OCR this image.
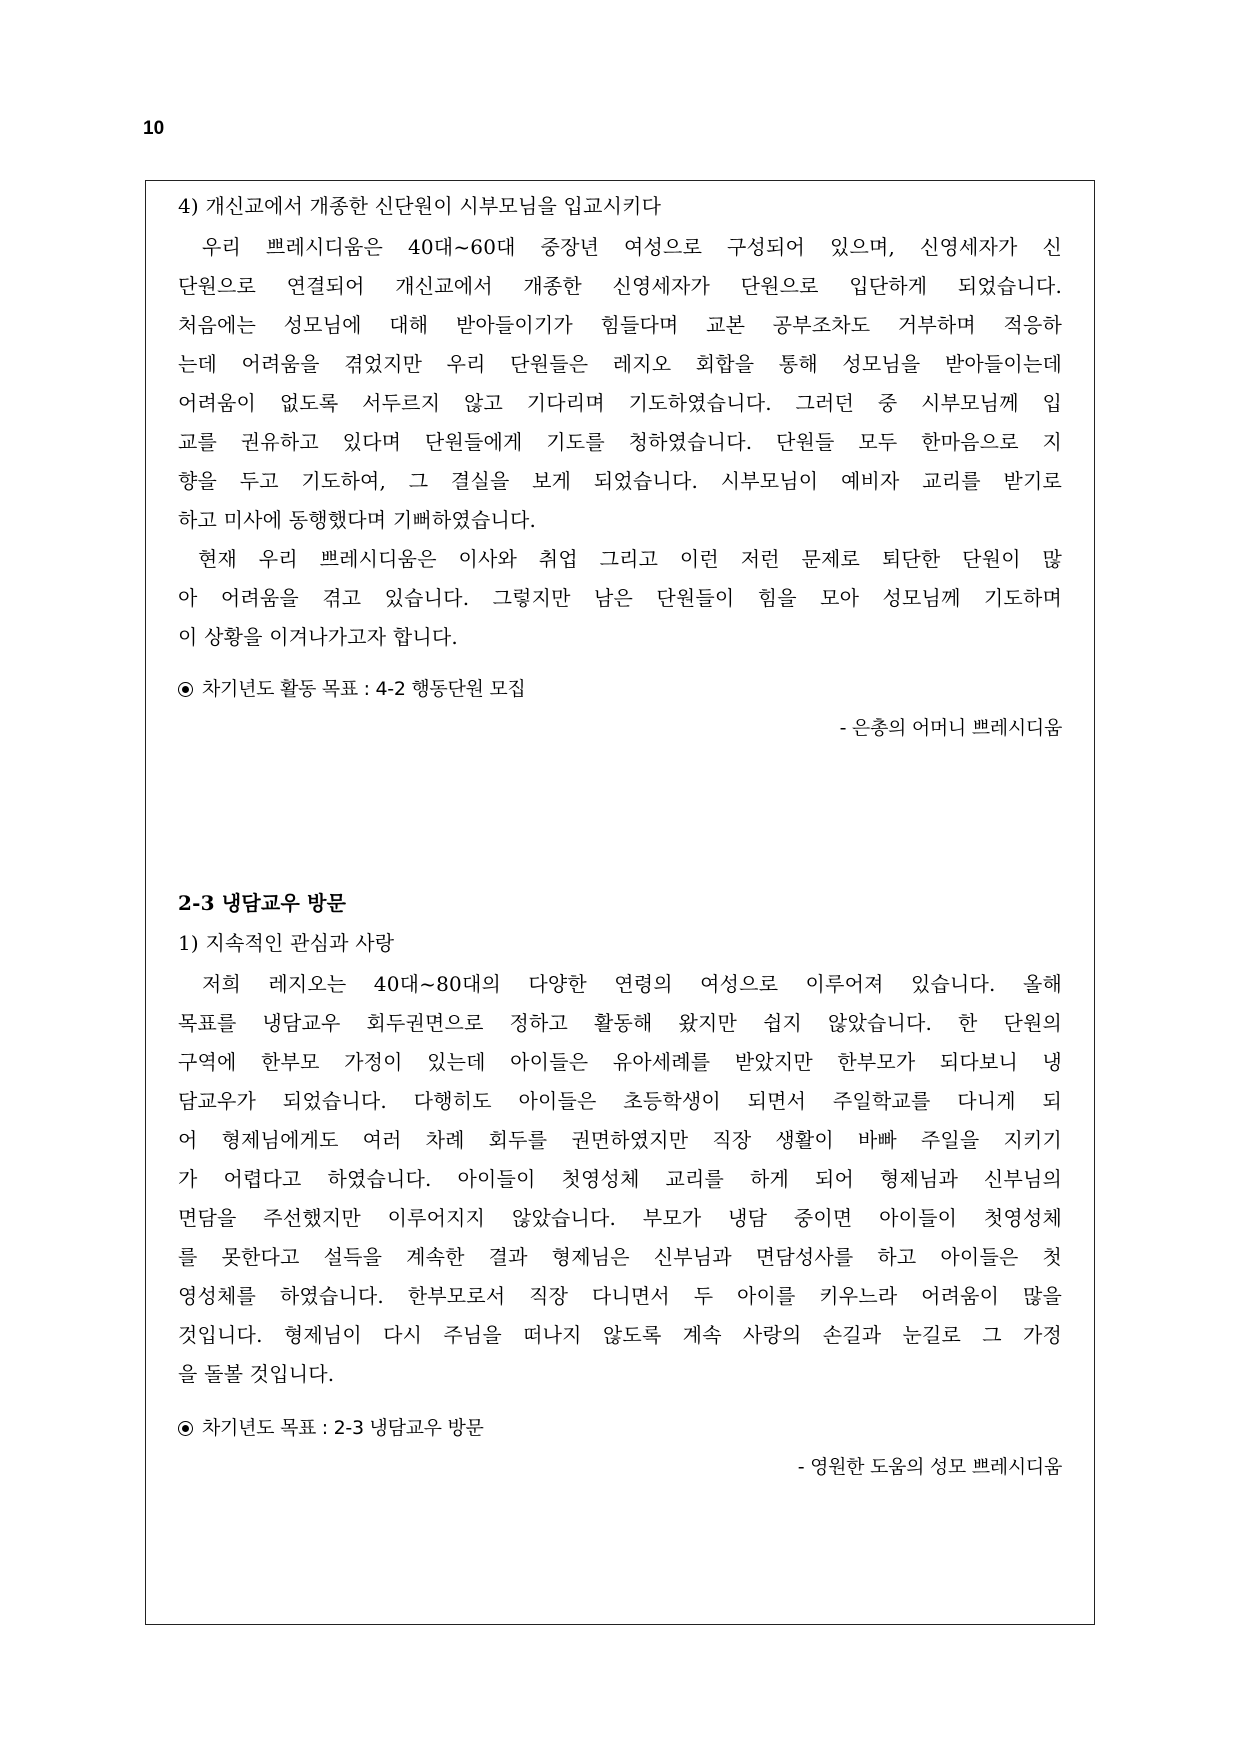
10
4) 개신교에서 개종한 신단원이 시부모님을 입교시키다
우리 쁘레시디움은 40대~60대 중장년 여성으로 구성되어 있으며, 신영세자가 신
단원으로 연결되어 개신교에서 개종한 신영세자가 단원으로 입단하게 되었습니다.
처음에는 성모님에 대해 받아들이기가 힘들다며 교본 공부조차도 거부하며 적응하
는데 어려움을 겪었지만 우리 단원들은 레지오 회합을 통해 성모님을 받아들이는데
어려움이 없도록 서두르지 않고 기다리며 기도하였습니다. 그러던 중 시부모님께 입
교를 권유하고 있다며 단원들에게 기도를 청하였습니다. 단원들 모두 한마음으로 지
향을 두고 기도하여, 그 결실을 보게 되었습니다. 시부모님이 예비자 교리를 받기로
하고 미사에 동행했다며 기뻐하였습니다.
현재 우리 쁘레시디움은 이사와 취업 그리고 이런 저런 문제로 퇴단한 단원이 많
아 어려움을 겪고 있습니다. 그렇지만 남은 단원들이 힘을 모아 성모님께 기도하며
이 상황을 이겨나가고자 합니다.
차기년도 활동 목표 : 4-2 행동단원 모집
- 은총의 어머니 쁘레시디움
2-3 냉담교우 방문
1) 지속적인 관심과 사랑
저희 레지오는 40대~80대의 다양한 연령의 여성으로 이루어져 있습니다. 올해
목표를 냉담교우 회두권면으로 정하고 활동해 왔지만 쉽지 않았습니다. 한 단원의
구역에 한부모 가정이 있는데 아이들은 유아세례를 받았지만 한부모가 되다보니 냉
담교우가 되었습니다. 다행히도 아이들은 초등학생이 되면서 주일학교를 다니게 되
어 형제님에게도 여러 차례 회두를 권면하였지만 직장 생활이 바빠 주일을 지키기
가 어렵다고 하였습니다. 아이들이 첫영성체 교리를 하게 되어 형제님과 신부님의
면담을 주선했지만 이루어지지 않았습니다. 부모가 냉담 중이면 아이들이 첫영성체
를 못한다고 설득을 계속한 결과 형제님은 신부님과 면담성사를 하고 아이들은 첫
영성체를 하였습니다. 한부모로서 직장 다니면서 두 아이를 키우느라 어려움이 많을
것입니다. 형제님이 다시 주님을 떠나지 않도록 계속 사랑의 손길과 눈길로 그 가정
을 돌볼 것입니다.
차기년도 목표 : 2-3 냉담교우 방문
- 영원한 도움의 성모 쁘레시디움
